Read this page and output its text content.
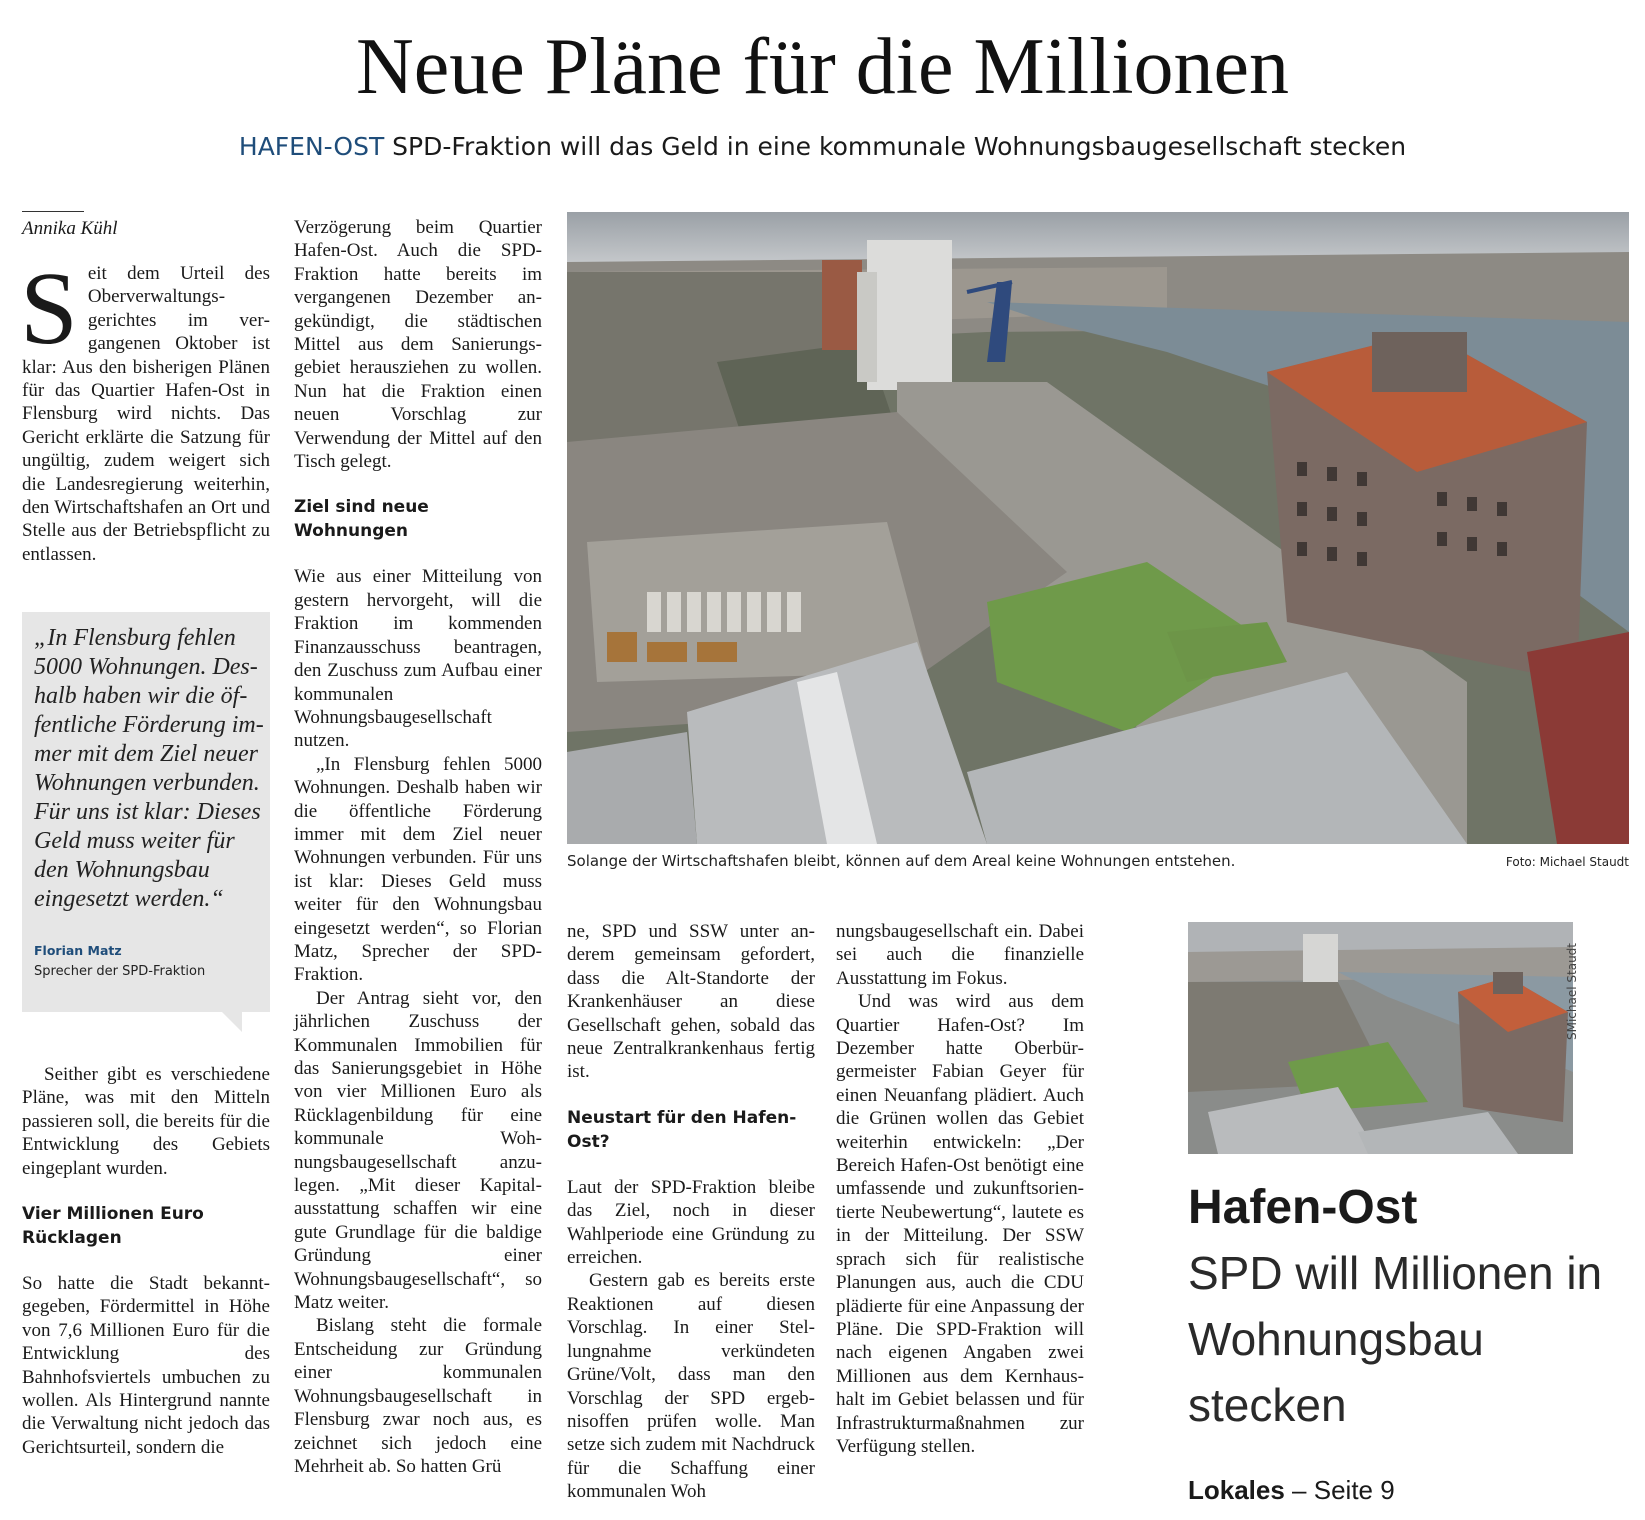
Neue Pläne für die Millionen
HAFEN-OST SPD-Fraktion will das Geld in eine kommunale Wohnungsbaugesellschaft stecken
Annika Kühl
S eit dem Urteil des Oberverwaltungsgerichtes im vergangenen Oktober ist klar: Aus den bisherigen Plänen für das Quartier Hafen-Ost in Flensburg wird nichts. Das Gericht erklärte die Satzung für ungültig, zudem weigert sich die Landesregierung weiterhin, den Wirtschaftshafen an Ort und Stelle aus der Betriebspflicht zu entlassen.

„In Flensburg fehlen 5000 Wohnungen. Deshalb haben wir die öffentliche Förderung immer mit dem Ziel neuer Wohnungen verbunden. Für uns ist klar: Dieses Geld muss weiter für den Wohnungsbau eingesetzt werden.“
Florian Matz
Sprecher der SPD-Fraktion

Seither gibt es verschiedene Pläne, was mit den Mitteln passieren soll, die bereits für die Entwicklung des Gebiets eingeplant wurden.

Vier Millionen Euro Rücklagen

So hatte die Stadt bekanntgegeben, Fördermittel in Höhe von 7,6 Millionen Euro für die Entwicklung des Bahnhofsviertels umbuchen zu wollen. Als Hintergrund nannte die Verwaltung nicht jedoch das Gerichtsurteil, sondern die

Verzögerung beim Quartier Hafen-Ost. Auch die SPD-Fraktion hatte bereits im vergangenen Dezember angekündigt, die städtischen Mittel aus dem Sanierungsgebiet herausziehen zu wollen. Nun hat die Fraktion einen neuen Vorschlag zur Verwendung der Mittel auf den Tisch gelegt.

Ziel sind neue Wohnungen

Wie aus einer Mitteilung von gestern hervorgeht, will die Fraktion im kommenden Finanzausschuss beantragen, den Zuschuss zum Aufbau einer kommunalen Wohnungsbaugesellschaft nutzen.

„In Flensburg fehlen 5000 Wohnungen. Deshalb haben wir die öffentliche Förderung immer mit dem Ziel neuer Wohnungen verbunden. Für uns ist klar: Dieses Geld muss weiter für den Wohnungsbau eingesetzt werden“, so Florian Matz, Sprecher der SPD-Fraktion.

Der Antrag sieht vor, den jährlichen Zuschuss der Kommunalen Immobilien für das Sanierungsgebiet in Höhe von vier Millionen Euro als Rücklagenbildung für eine kommunale Wohnungsbaugesellschaft anzulegen. „Mit dieser Kapitalausstattung schaffen wir eine gute Grundlage für die baldige Gründung einer Wohnungsbaugesellschaft“, so Matz weiter.

Bislang steht die formale Entscheidung zur Gründung einer kommunalen Wohnungsbaugesellschaft in Flensburg zwar noch aus, es zeichnet sich jedoch eine Mehrheit ab. So hatten Grü

Solange der Wirtschaftshafen bleibt, können auf dem Areal keine Wohnungen entstehen.	Foto: Michael Staudt

ne, SPD und SSW unter anderem gemeinsam gefordert, dass die Alt-Standorte der Krankenhäuser an diese Gesellschaft gehen, sobald das neue Zentralkrankenhaus fertig ist.

Neustart für den Hafen-Ost?

Laut der SPD-Fraktion bleibe das Ziel, noch in dieser Wahlperiode eine Gründung zu erreichen.

Gestern gab es bereits erste Reaktionen auf diesen Vorschlag. In einer Stellungnahme verkündeten Grüne/Volt, dass man den Vorschlag der SPD ergebnisoffen prüfen wolle. Man setze sich zudem mit Nachdruck für die Schaffung einer kommunalen Woh

nungsbaugesellschaft ein. Dabei sei auch die finanzielle Ausstattung im Fokus.

Und was wird aus dem Quartier Hafen-Ost? Im Dezember hatte Oberbürgermeister Fabian Geyer für einen Neuanfang plädiert. Auch die Grünen wollen das Gebiet weiterhin entwickeln: „Der Bereich Hafen-Ost benötigt eine umfassende und zukunftsorientierte Neubewertung“, lautete es in der Mitteilung. Der SSW sprach sich für realistische Planungen aus, auch die CDU plädierte für eine Anpassung der Pläne. Die SPD-Fraktion will nach eigenen Angaben zwei Millionen aus dem Kernhaushalt im Gebiet belassen und für Infrastrukturmaßnahmen zur Verfügung stellen.

SMichael Staudt
Hafen-Ost
SPD will Millionen in Wohnungsbau stecken
Lokales – Seite 9
